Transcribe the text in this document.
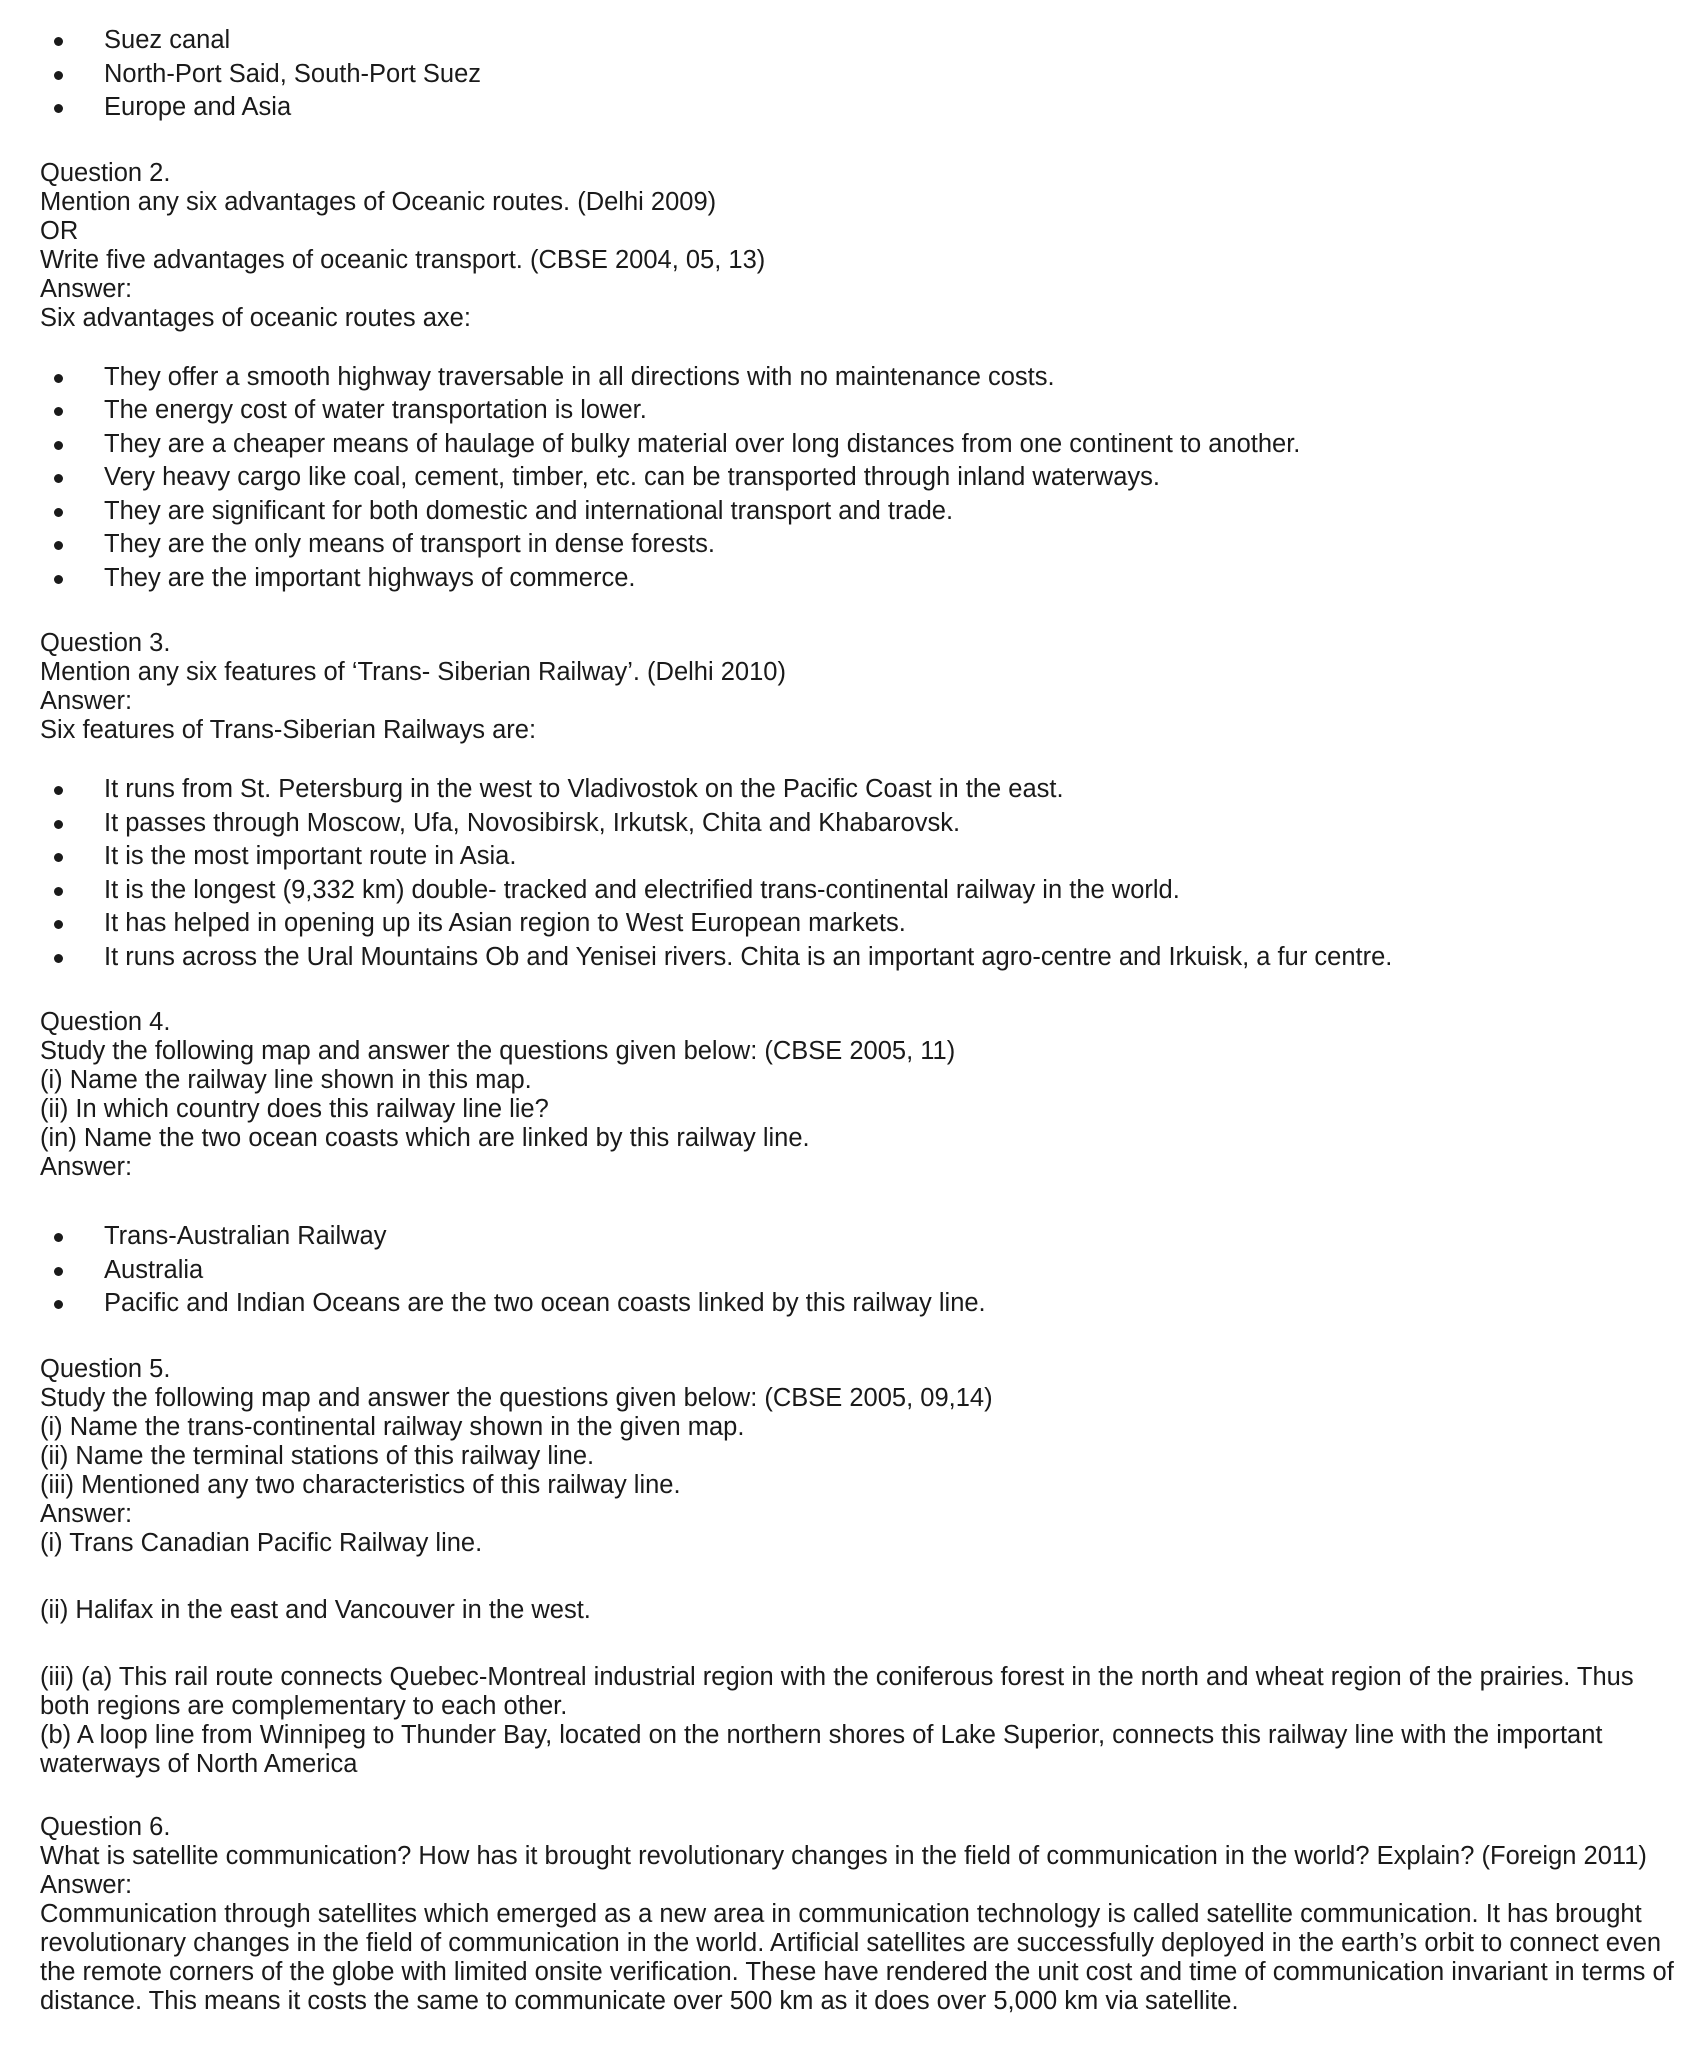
Suez canal
North-Port Said, South-Port Suez
Europe and Asia
Question 2.
Mention any six advantages of Oceanic routes. (Delhi 2009)
OR
Write five advantages of oceanic transport. (CBSE 2004, 05, 13)
Answer:
Six advantages of oceanic routes axe:
They offer a smooth highway traversable in all directions with no maintenance costs.
The energy cost of water transportation is lower.
They are a cheaper means of haulage of bulky material over long distances from one continent to another.
Very heavy cargo like coal, cement, timber, etc. can be transported through inland waterways.
They are significant for both domestic and international transport and trade.
They are the only means of transport in dense forests.
They are the important highways of commerce.
Question 3.
Mention any six features of ‘Trans- Siberian Railway’. (Delhi 2010)
Answer:
Six features of Trans-Siberian Railways are:
It runs from St. Petersburg in the west to Vladivostok on the Pacific Coast in the east.
It passes through Moscow, Ufa, Novosibirsk, Irkutsk, Chita and Khabarovsk.
It is the most important route in Asia.
It is the longest (9,332 km) double- tracked and electrified trans-continental railway in the world.
It has helped in opening up its Asian region to West European markets.
It runs across the Ural Mountains Ob and Yenisei rivers. Chita is an important agro-centre and Irkuisk, a fur centre.
Question 4.
Study the following map and answer the questions given below: (CBSE 2005, 11)
(i) Name the railway line shown in this map.
(ii) In which country does this railway line lie?
(in) Name the two ocean coasts which are linked by this railway line.
Answer:
Trans-Australian Railway
Australia
Pacific and Indian Oceans are the two ocean coasts linked by this railway line.
Question 5.
Study the following map and answer the questions given below: (CBSE 2005, 09,14)
(i) Name the trans-continental railway shown in the given map.
(ii) Name the terminal stations of this railway line.
(iii) Mentioned any two characteristics of this railway line.
Answer:
(i) Trans Canadian Pacific Railway line.
(ii) Halifax in the east and Vancouver in the west.
(iii) (a) This rail route connects Quebec-Montreal industrial region with the coniferous forest in the north and wheat region of the prairies. Thus both regions are complementary to each other.
(b) A loop line from Winnipeg to Thunder Bay, located on the northern shores of Lake Superior, connects this railway line with the important waterways of North America
Question 6.
What is satellite communication? How has it brought revolutionary changes in the field of communication in the world? Explain? (Foreign 2011)
Answer:
Communication through satellites which emerged as a new area in communication technology is called satellite communication. It has brought revolutionary changes in the field of communication in the world. Artificial satellites are successfully deployed in the earth’s orbit to connect even the remote corners of the globe with limited onsite verification. These have rendered the unit cost and time of communication invariant in terms of distance. This means it costs the same to communicate over 500 km as it does over 5,000 km via satellite.
